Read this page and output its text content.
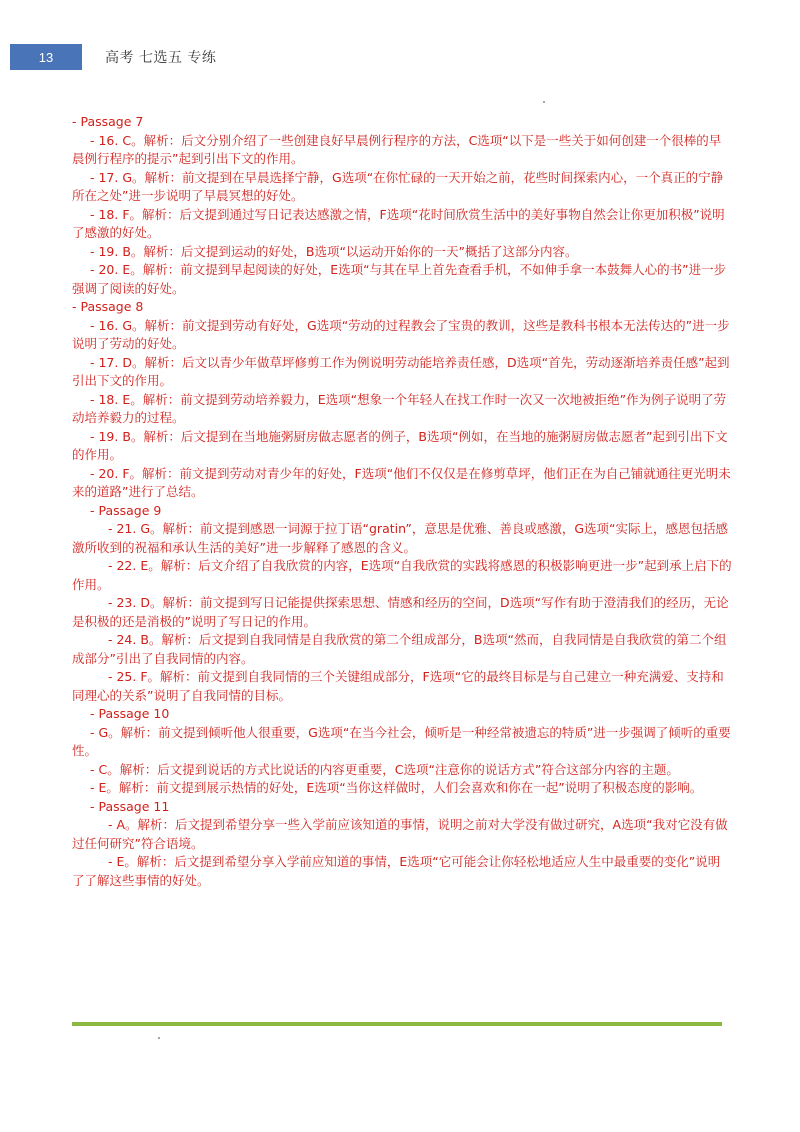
13	高考 七选五 专练

- Passage 7

- 16. C。解析：后文分别介绍了一些创建良好早晨例行程序的方法，C选项“以下是一些关于如何创建一个很棒的早晨例行程序的提示”起到引出下文的作用。

- 17. G。解析：前文提到在早晨选择宁静，G选项“在你忙碌的一天开始之前，花些时间探索内心，一个真正的宁静所在之处”进一步说明了早晨冥想的好处。

- 18. F。解析：后文提到通过写日记表达感激之情，F选项“花时间欣赏生活中的美好事物自然会让你更加积极”说明了感激的好处。

- 19. B。解析：后文提到运动的好处，B选项“以运动开始你的一天”概括了这部分内容。

- 20. E。解析：前文提到早起阅读的好处，E选项“与其在早上首先查看手机，不如伸手拿一本鼓舞人心的书”进一步强调了阅读的好处。

- Passage 8

- 16. G。解析：前文提到劳动有好处，G选项“劳动的过程教会了宝贵的教训，这些是教科书根本无法传达的”进一步说明了劳动的好处。

- 17. D。解析：后文以青少年做草坪修剪工作为例说明劳动能培养责任感，D选项“首先，劳动逐渐培养责任感”起到引出下文的作用。

- 18. E。解析：前文提到劳动培养毅力，E选项“想象一个年轻人在找工作时一次又一次地被拒绝”作为例子说明了劳动培养毅力的过程。

- 19. B。解析：后文提到在当地施粥厨房做志愿者的例子，B选项“例如，在当地的施粥厨房做志愿者”起到引出下文的作用。

- 20. F。解析：前文提到劳动对青少年的好处，F选项“他们不仅仅是在修剪草坪，他们正在为自己铺就通往更光明未来的道路”进行了总结。

- Passage 9

- 21. G。解析：前文提到感恩一词源于拉丁语“gratin”，意思是优雅、善良或感激，G选项“实际上，感恩包括感激所收到的祝福和承认生活的美好”进一步解释了感恩的含义。

- 22. E。解析：后文介绍了自我欣赏的内容，E选项“自我欣赏的实践将感恩的积极影响更进一步”起到承上启下的作用。

- 23. D。解析：前文提到写日记能提供探索思想、情感和经历的空间，D选项“写作有助于澄清我们的经历，无论是积极的还是消极的”说明了写日记的作用。

- 24. B。解析：后文提到自我同情是自我欣赏的第二个组成部分，B选项“然而，自我同情是自我欣赏的第二个组成部分”引出了自我同情的内容。

- 25. F。解析：前文提到自我同情的三个关键组成部分，F选项“它的最终目标是与自己建立一种充满爱、支持和同理心的关系”说明了自我同情的目标。

- Passage 10

- G。解析：前文提到倾听他人很重要，G选项“在当今社会，倾听是一种经常被遗忘的特质”进一步强调了倾听的重要性。

- C。解析：后文提到说话的方式比说话的内容更重要，C选项“注意你的说话方式”符合这部分内容的主题。

- E。解析：前文提到展示热情的好处，E选项“当你这样做时，人们会喜欢和你在一起”说明了积极态度的影响。

- Passage 11

- A。解析：后文提到希望分享一些入学前应该知道的事情，说明之前对大学没有做过研究，A选项“我对它没有做过任何研究”符合语境。

- E。解析：后文提到希望分享入学前应知道的事情，E选项“它可能会让你轻松地适应人生中最重要的变化”说明了了解这些事情的好处。
